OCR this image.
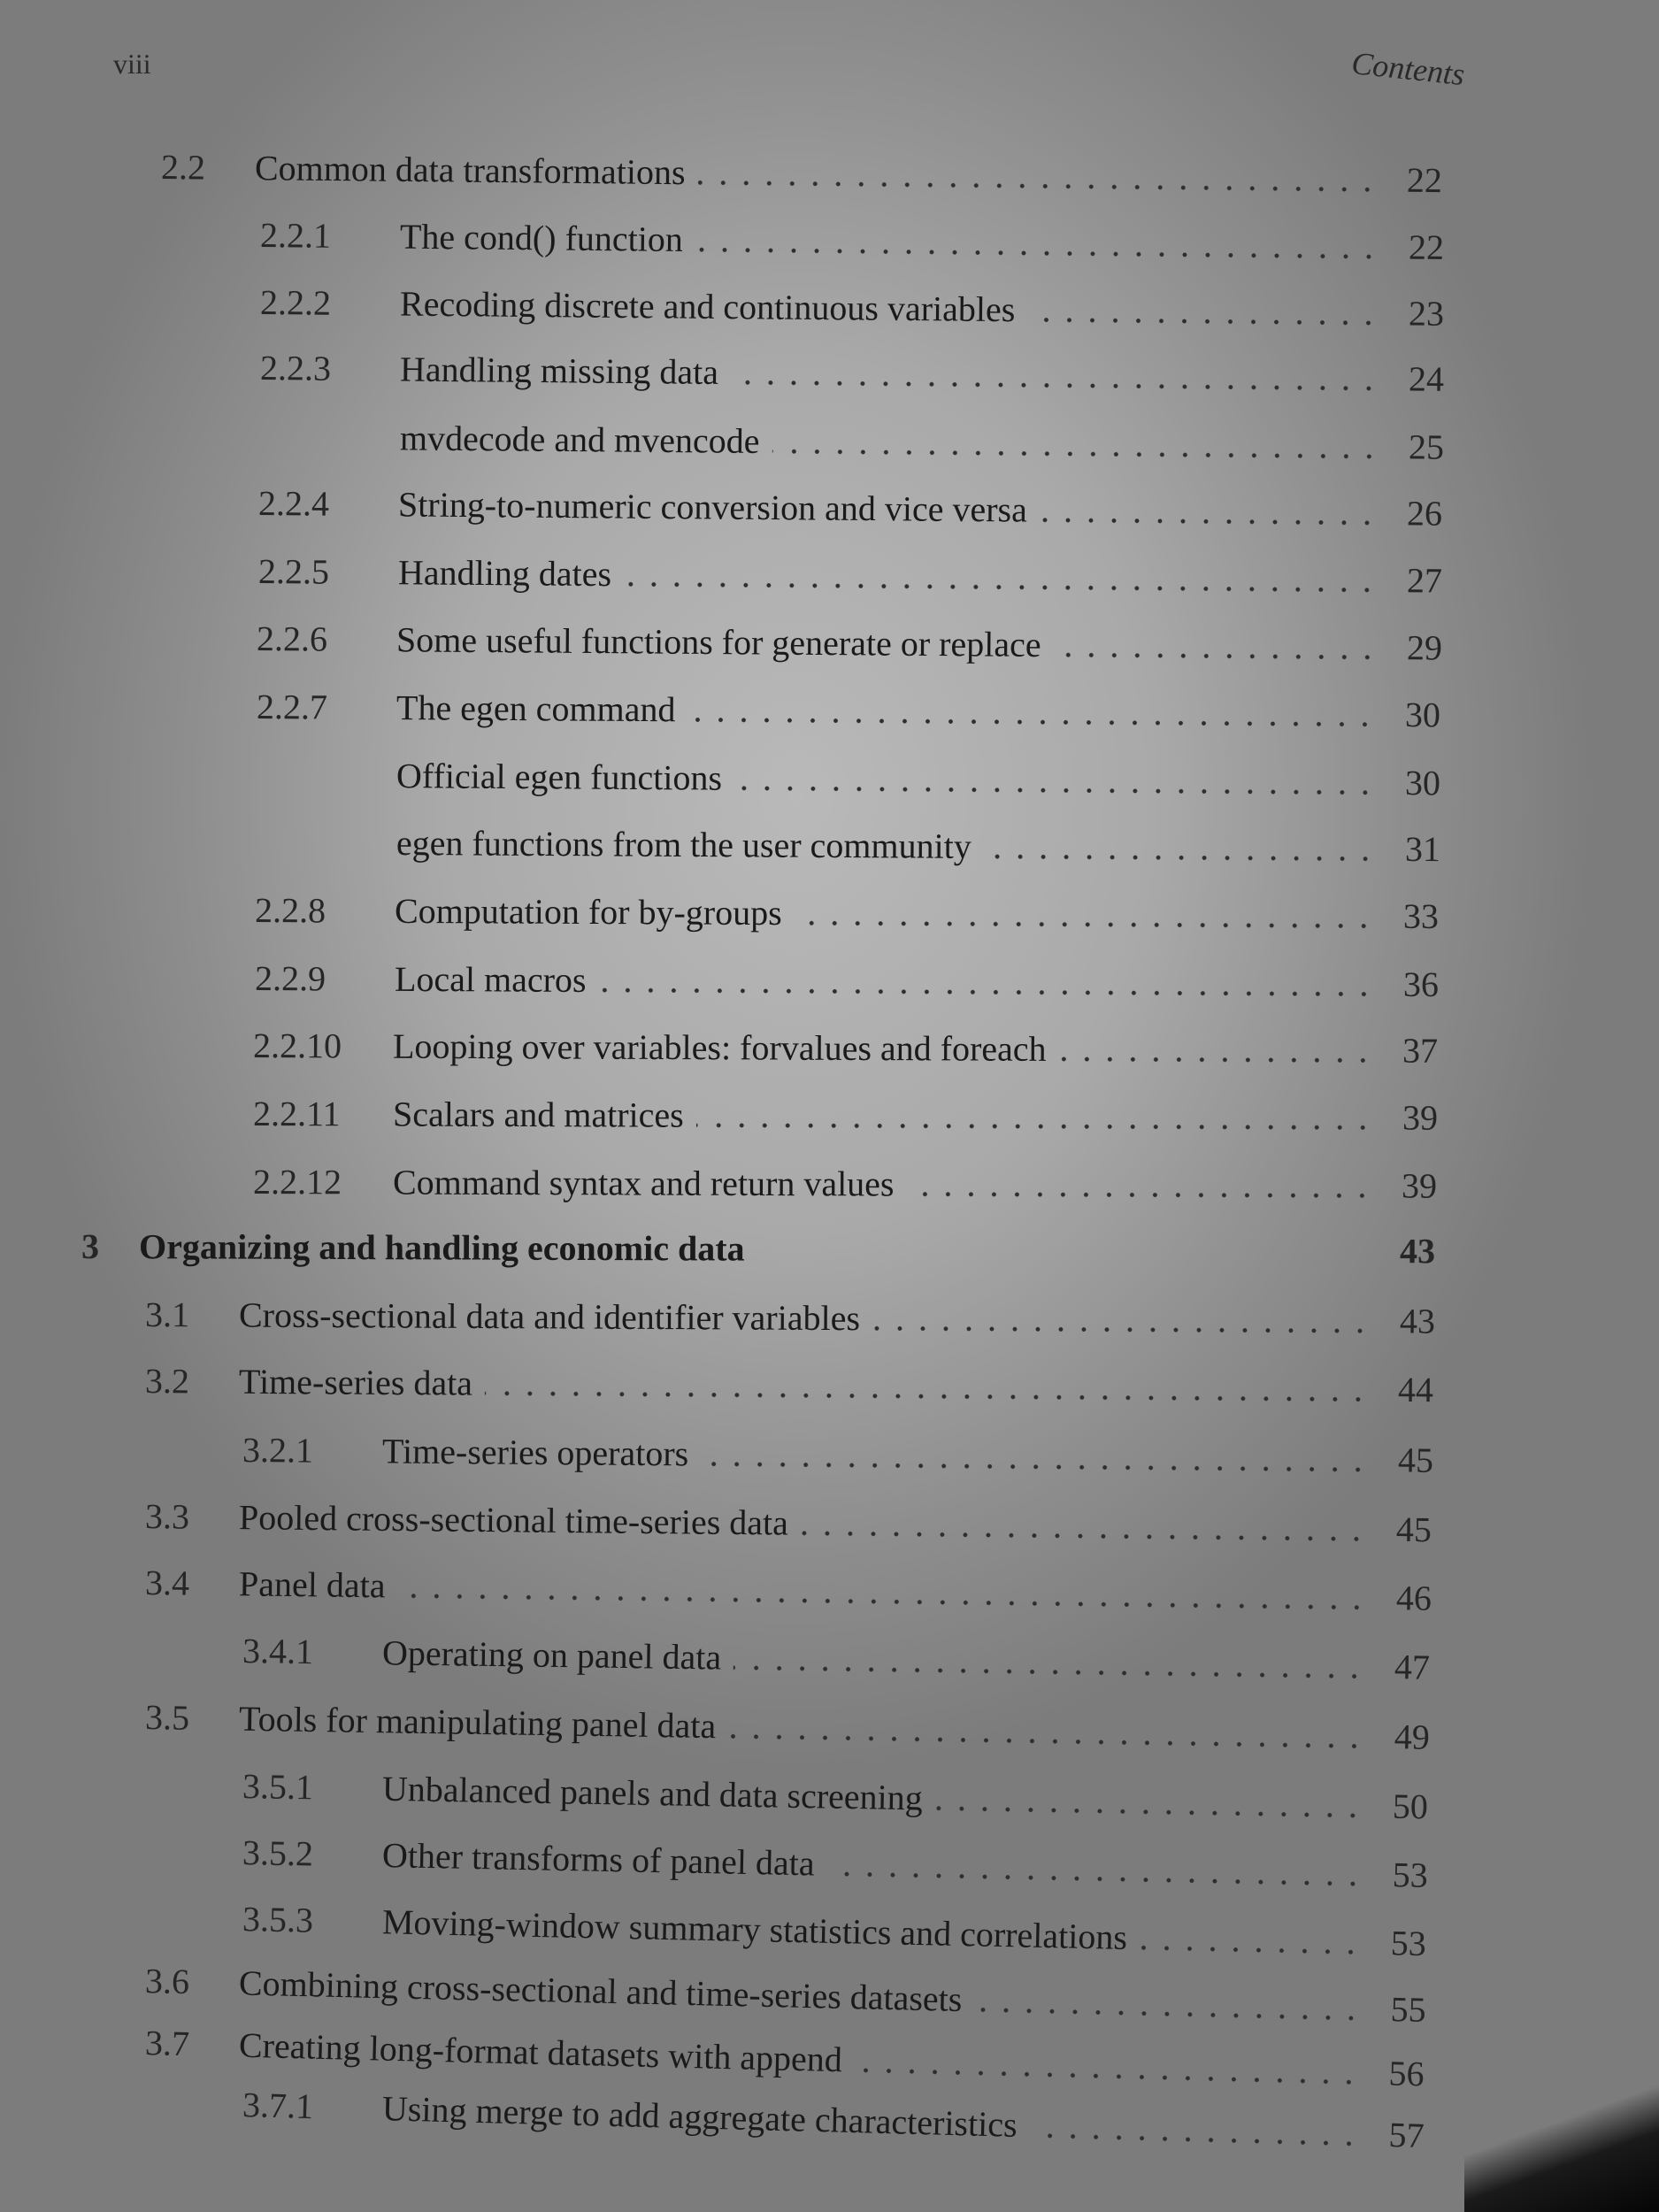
viii	Contents
2.2	Common data transformations	22
2.2.1	The cond() function	22
2.2.2	Recoding discrete and continuous variables	23
2.2.3	Handling missing data	24
mvdecode and mvencode	25
2.2.4	String-to-numeric conversion and vice versa	26
2.2.5	Handling dates	27
2.2.6	Some useful functions for generate or replace	29
2.2.7	The egen command	30
Official egen functions	30
egen functions from the user community	31
2.2.8	Computation for by-groups	33
2.2.9	Local macros	36
2.2.10	Looping over variables: forvalues and foreach	37
2.2.11	Scalars and matrices	39
2.2.12	Command syntax and return values	39
3	Organizing and handling economic data	43
3.1	Cross-sectional data and identifier variables	43
3.2	Time-series data	44
3.2.1	Time-series operators	45
3.3	Pooled cross-sectional time-series data	45
3.4	Panel data	46
3.4.1	Operating on panel data	47
3.5	Tools for manipulating panel data	49
3.5.1	Unbalanced panels and data screening	50
3.5.2	Other transforms of panel data	53
3.5.3	Moving-window summary statistics and correlations	53
3.6	Combining cross-sectional and time-series datasets	55
3.7	Creating long-format datasets with append	56
3.7.1	Using merge to add aggregate characteristics	57
